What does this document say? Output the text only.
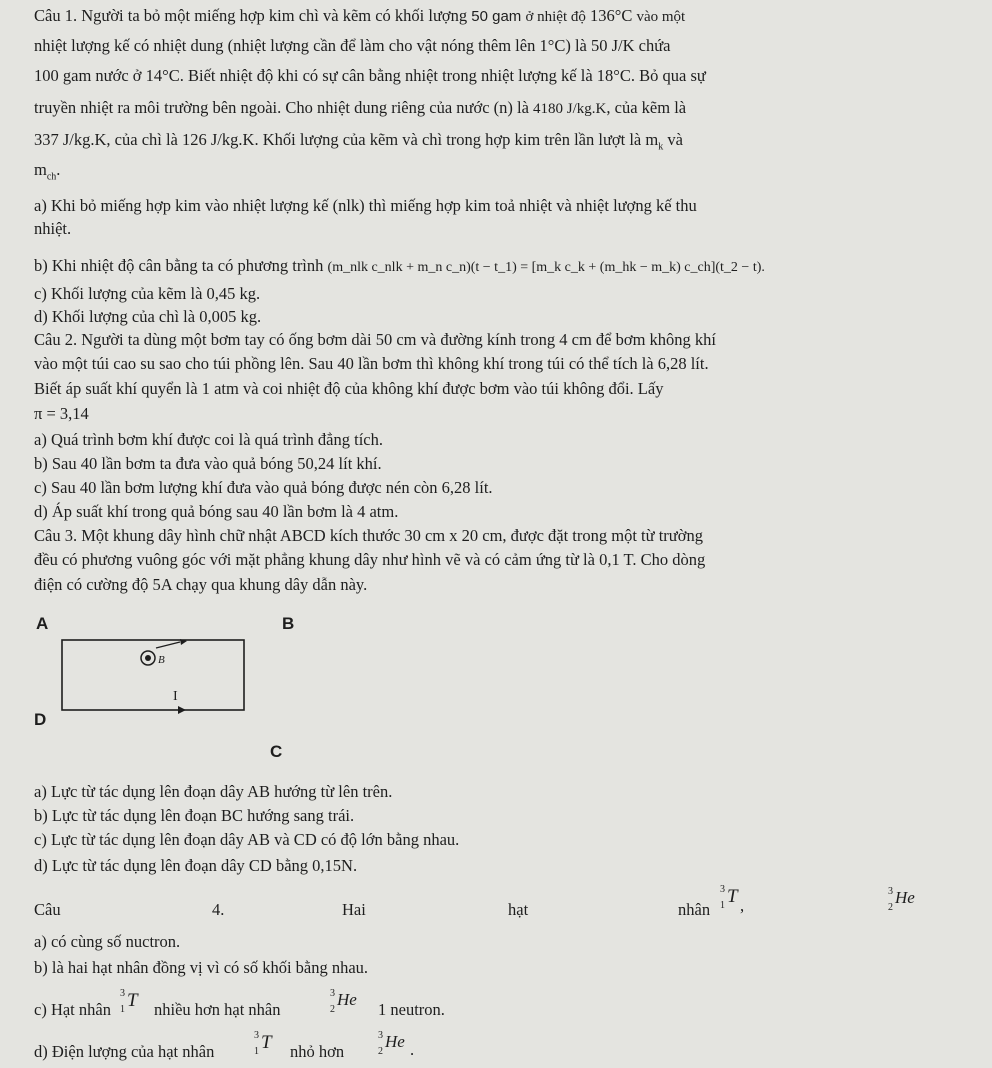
Câu 1. Người ta bỏ một miếng hợp kim chì và kẽm có khối lượng 50 gam ở nhiệt độ 136°C vào một
nhiệt lượng kế có nhiệt dung (nhiệt lượng cần để làm cho vật nóng thêm lên 1°C) là 50 J/K chứa
100 gam nước ở 14°C. Biết nhiệt độ khi có sự cân bằng nhiệt trong nhiệt lượng kế là 18°C. Bỏ qua sự
truyền nhiệt ra môi trường bên ngoài. Cho nhiệt dung riêng của nước (n) là 4180 J/kg.K, của kẽm là
337 J/kg.K, của chì là 126 J/kg.K. Khối lượng của kẽm và chì trong hợp kim trên lần lượt là $m_k$ và
$m_{ch}$.
a) Khi bỏ miếng hợp kim vào nhiệt lượng kế (nlk) thì miếng hợp kim toả nhiệt và nhiệt lượng kế thu
nhiệt.
b) Khi nhiệt độ cân bằng ta có phương trình (m_nlk c_nlk + m_n c_n)(t − t_1) = [m_k c_k + (m_hk − m_k) c_ch](t_2 − t).
c) Khối lượng của kẽm là 0,45 kg.
d) Khối lượng của chì là 0,005 kg.
Câu 2. Người ta dùng một bơm tay có ống bơm dài 50 cm và đường kính trong 4 cm để bơm không khí
vào một túi cao su sao cho túi phồng lên. Sau 40 lần bơm thì không khí trong túi có thể tích là 6,28 lít.
Biết áp suất khí quyển là 1 atm và coi nhiệt độ của không khí được bơm vào túi không đổi. Lấy
π = 3,14
a) Quá trình bơm khí được coi là quá trình đẳng tích.
b) Sau 40 lần bơm ta đưa vào quả bóng 50,24 lít khí.
c) Sau 40 lần bơm lượng khí đưa vào quả bóng được nén còn 6,28 lít.
d) Áp suất khí trong quả bóng sau 40 lần bơm là 4 atm.
Câu 3. Một khung dây hình chữ nhật ABCD kích thước 30 cm x 20 cm, được đặt trong một từ trường
đều có phương vuông góc với mặt phẳng khung dây như hình vẽ và có cảm ứng từ là 0,1 T. Cho dòng
điện có cường độ 5A chạy qua khung dây dẫn này.
A	B
D
C
B
I
a) Lực từ tác dụng lên đoạn dây AB hướng từ lên trên.
b) Lực từ tác dụng lên đoạn BC hướng sang trái.
c) Lực từ tác dụng lên đoạn dây AB và CD có độ lớn bằng nhau.
d) Lực từ tác dụng lên đoạn dây CD bằng 0,15N.
Câu	4.	Hai	hạt	nhân
3
1 T ,
3
2
He
a) có cùng số nuctron.
b) là hai hạt nhân đồng vị vì có số khối bằng nhau.
c) Hạt nhân
3
1 T nhiều hơn hạt nhân
3
2
He
1 neutron.
d) Điện lượng của hạt nhân
3
1 T nhỏ hơn
3
2
He .
